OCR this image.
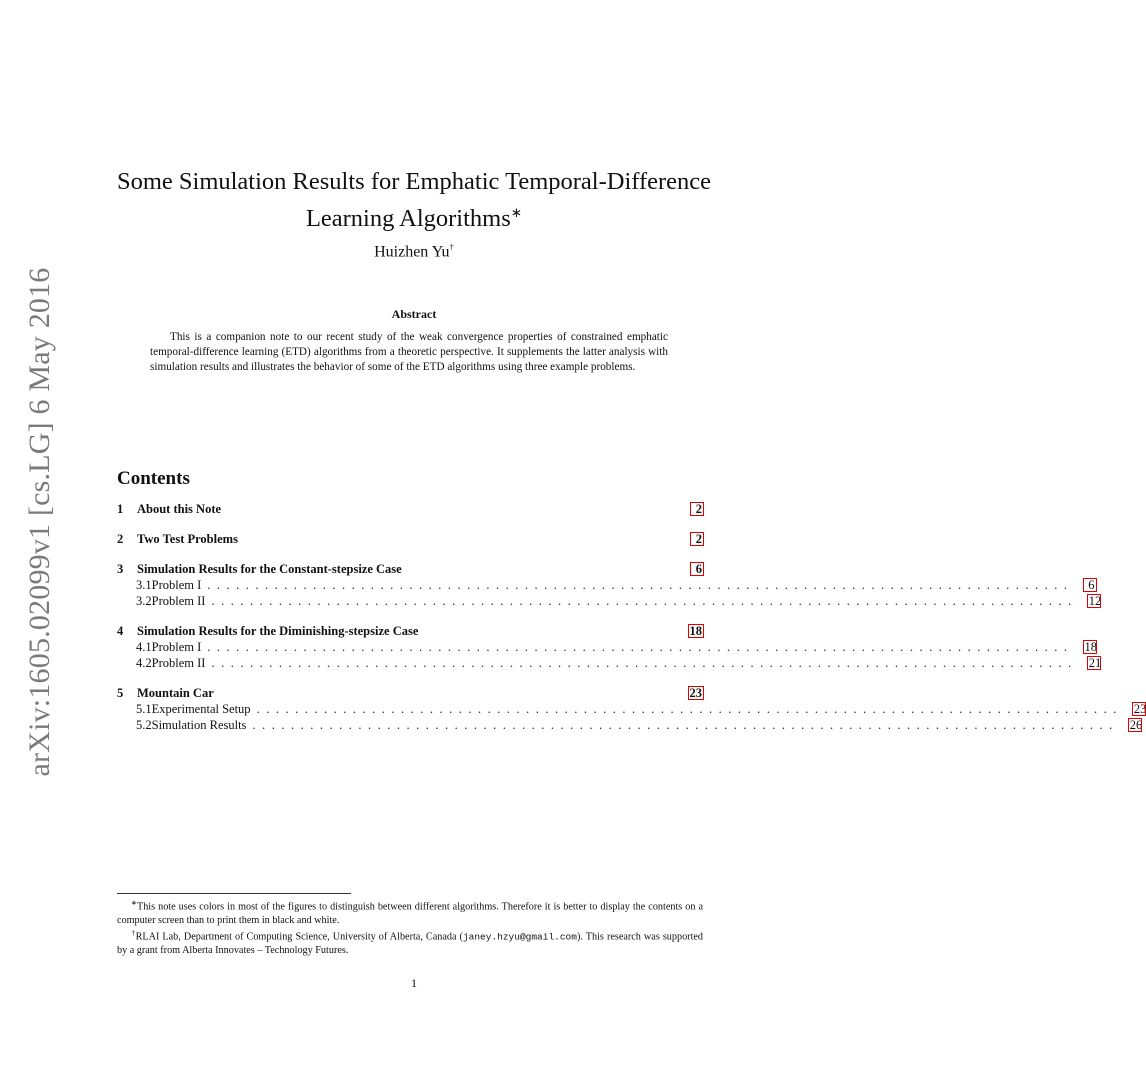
arXiv:1605.02099v1 [cs.LG] 6 May 2016
Some Simulation Results for Emphatic Temporal-Difference
Learning Algorithms∗
Huizhen Yu†
Abstract
This is a companion note to our recent study of the weak convergence properties of constrained emphatic temporal-difference learning (ETD) algorithms from a theoretic perspective. It supplements the latter analysis with simulation results and illustrates the behavior of some of the ETD algorithms using three example problems.
Contents
1	About this Note	2
2	Two Test Problems	2
3	Simulation Results for the Constant-stepsize Case	6
3.1 Problem I ..........................................................................................	6
3.2 Problem II .......................................................................................... 12
4	Simulation Results for the Diminishing-stepsize Case	18
4.1 Problem I .......................................................................................... 18
4.2 Problem II .......................................................................................... 21
5	Mountain Car	23
5.1 Experimental Setup .......................................................................................... 23
5.2 Simulation Results .......................................................................................... 26

∗This note uses colors in most of the figures to distinguish between different algorithms. Therefore it is better to display the contents on a computer screen than to print them in black and white.

†RLAI Lab, Department of Computing Science, University of Alberta, Canada (janey.hzyu@gmail.com). This research was supported by a grant from Alberta Innovates – Technology Futures.

1
